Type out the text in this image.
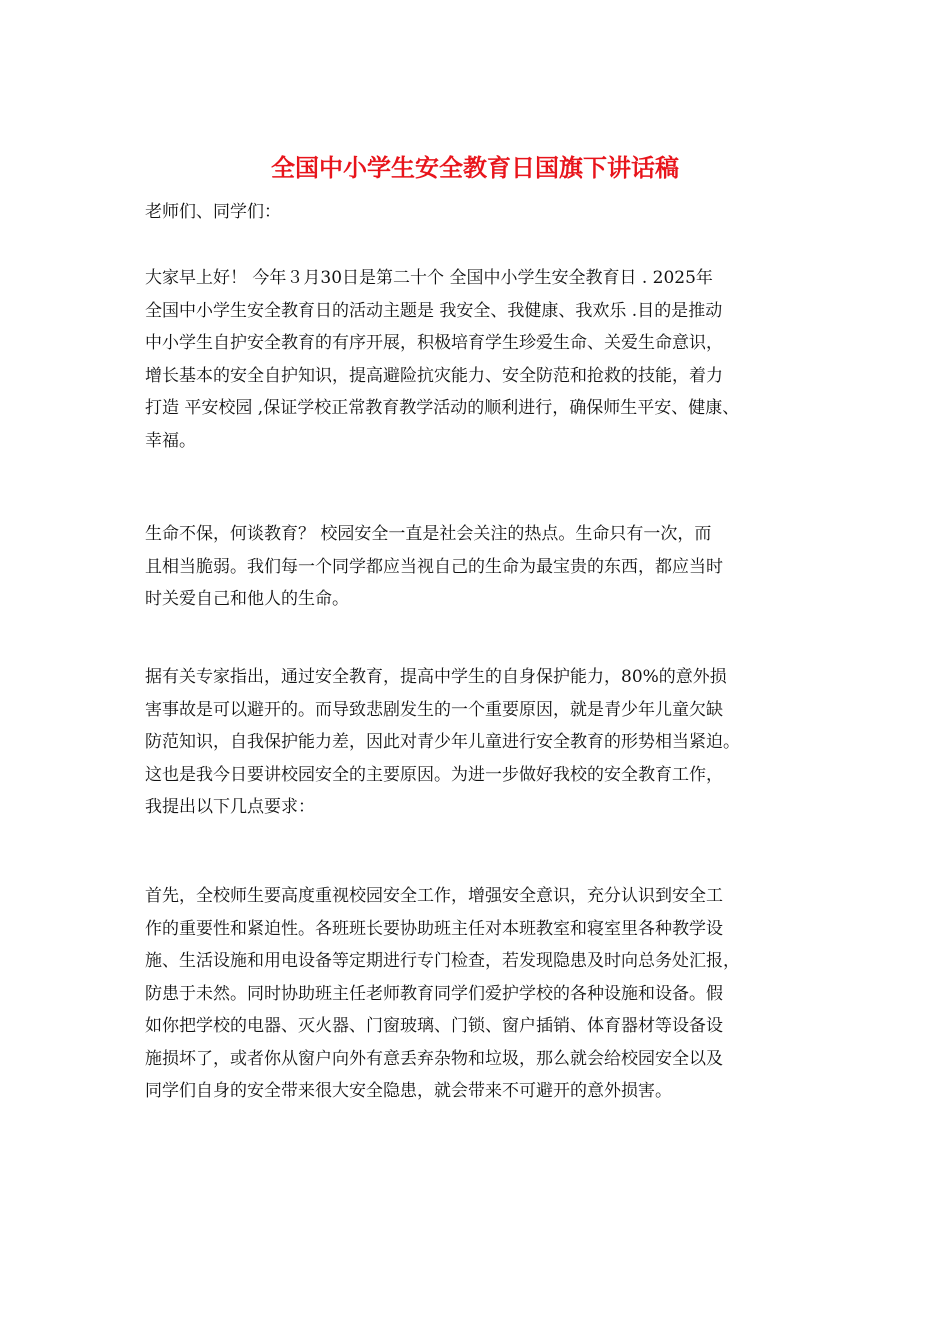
全国中小学生安全教育日国旗下讲话稿

老师们、同学们：

大家早上好！ 今年３月30日是第二十个 全国中小学生安全教育日 . 2025年
全国中小学生安全教育日的活动主题是 我安全、我健康、我欢乐 .目的是推动
中小学生自护安全教育的有序开展，积极培育学生珍爱生命、关爱生命意识，
增长基本的安全自护知识，提高避险抗灾能力、安全防范和抢救的技能，着力
打造 平安校园 ,保证学校正常教育教学活动的顺利进行，确保师生平安、健康、
幸福。
生命不保，何谈教育？ 校园安全一直是社会关注的热点。生命只有一次，而
且相当脆弱。我们每一个同学都应当视自己的生命为最宝贵的东西，都应当时
时关爱自己和他人的生命。
据有关专家指出，通过安全教育，提高中学生的自身保护能力，80%的意外损
害事故是可以避开的。而导致悲剧发生的一个重要原因，就是青少年儿童欠缺
防范知识，自我保护能力差，因此对青少年儿童进行安全教育的形势相当紧迫。
这也是我今日要讲校园安全的主要原因。为进一步做好我校的安全教育工作，
我提出以下几点要求：
首先，全校师生要高度重视校园安全工作，增强安全意识，充分认识到安全工
作的重要性和紧迫性。各班班长要协助班主任对本班教室和寝室里各种教学设
施、生活设施和用电设备等定期进行专门检查，若发现隐患及时向总务处汇报，
防患于未然。同时协助班主任老师教育同学们爱护学校的各种设施和设备。假
如你把学校的电器、灭火器、门窗玻璃、门锁、窗户插销、体育器材等设备设
施损坏了，或者你从窗户向外有意丢弃杂物和垃圾，那么就会给校园安全以及
同学们自身的安全带来很大安全隐患，就会带来不可避开的意外损害。
